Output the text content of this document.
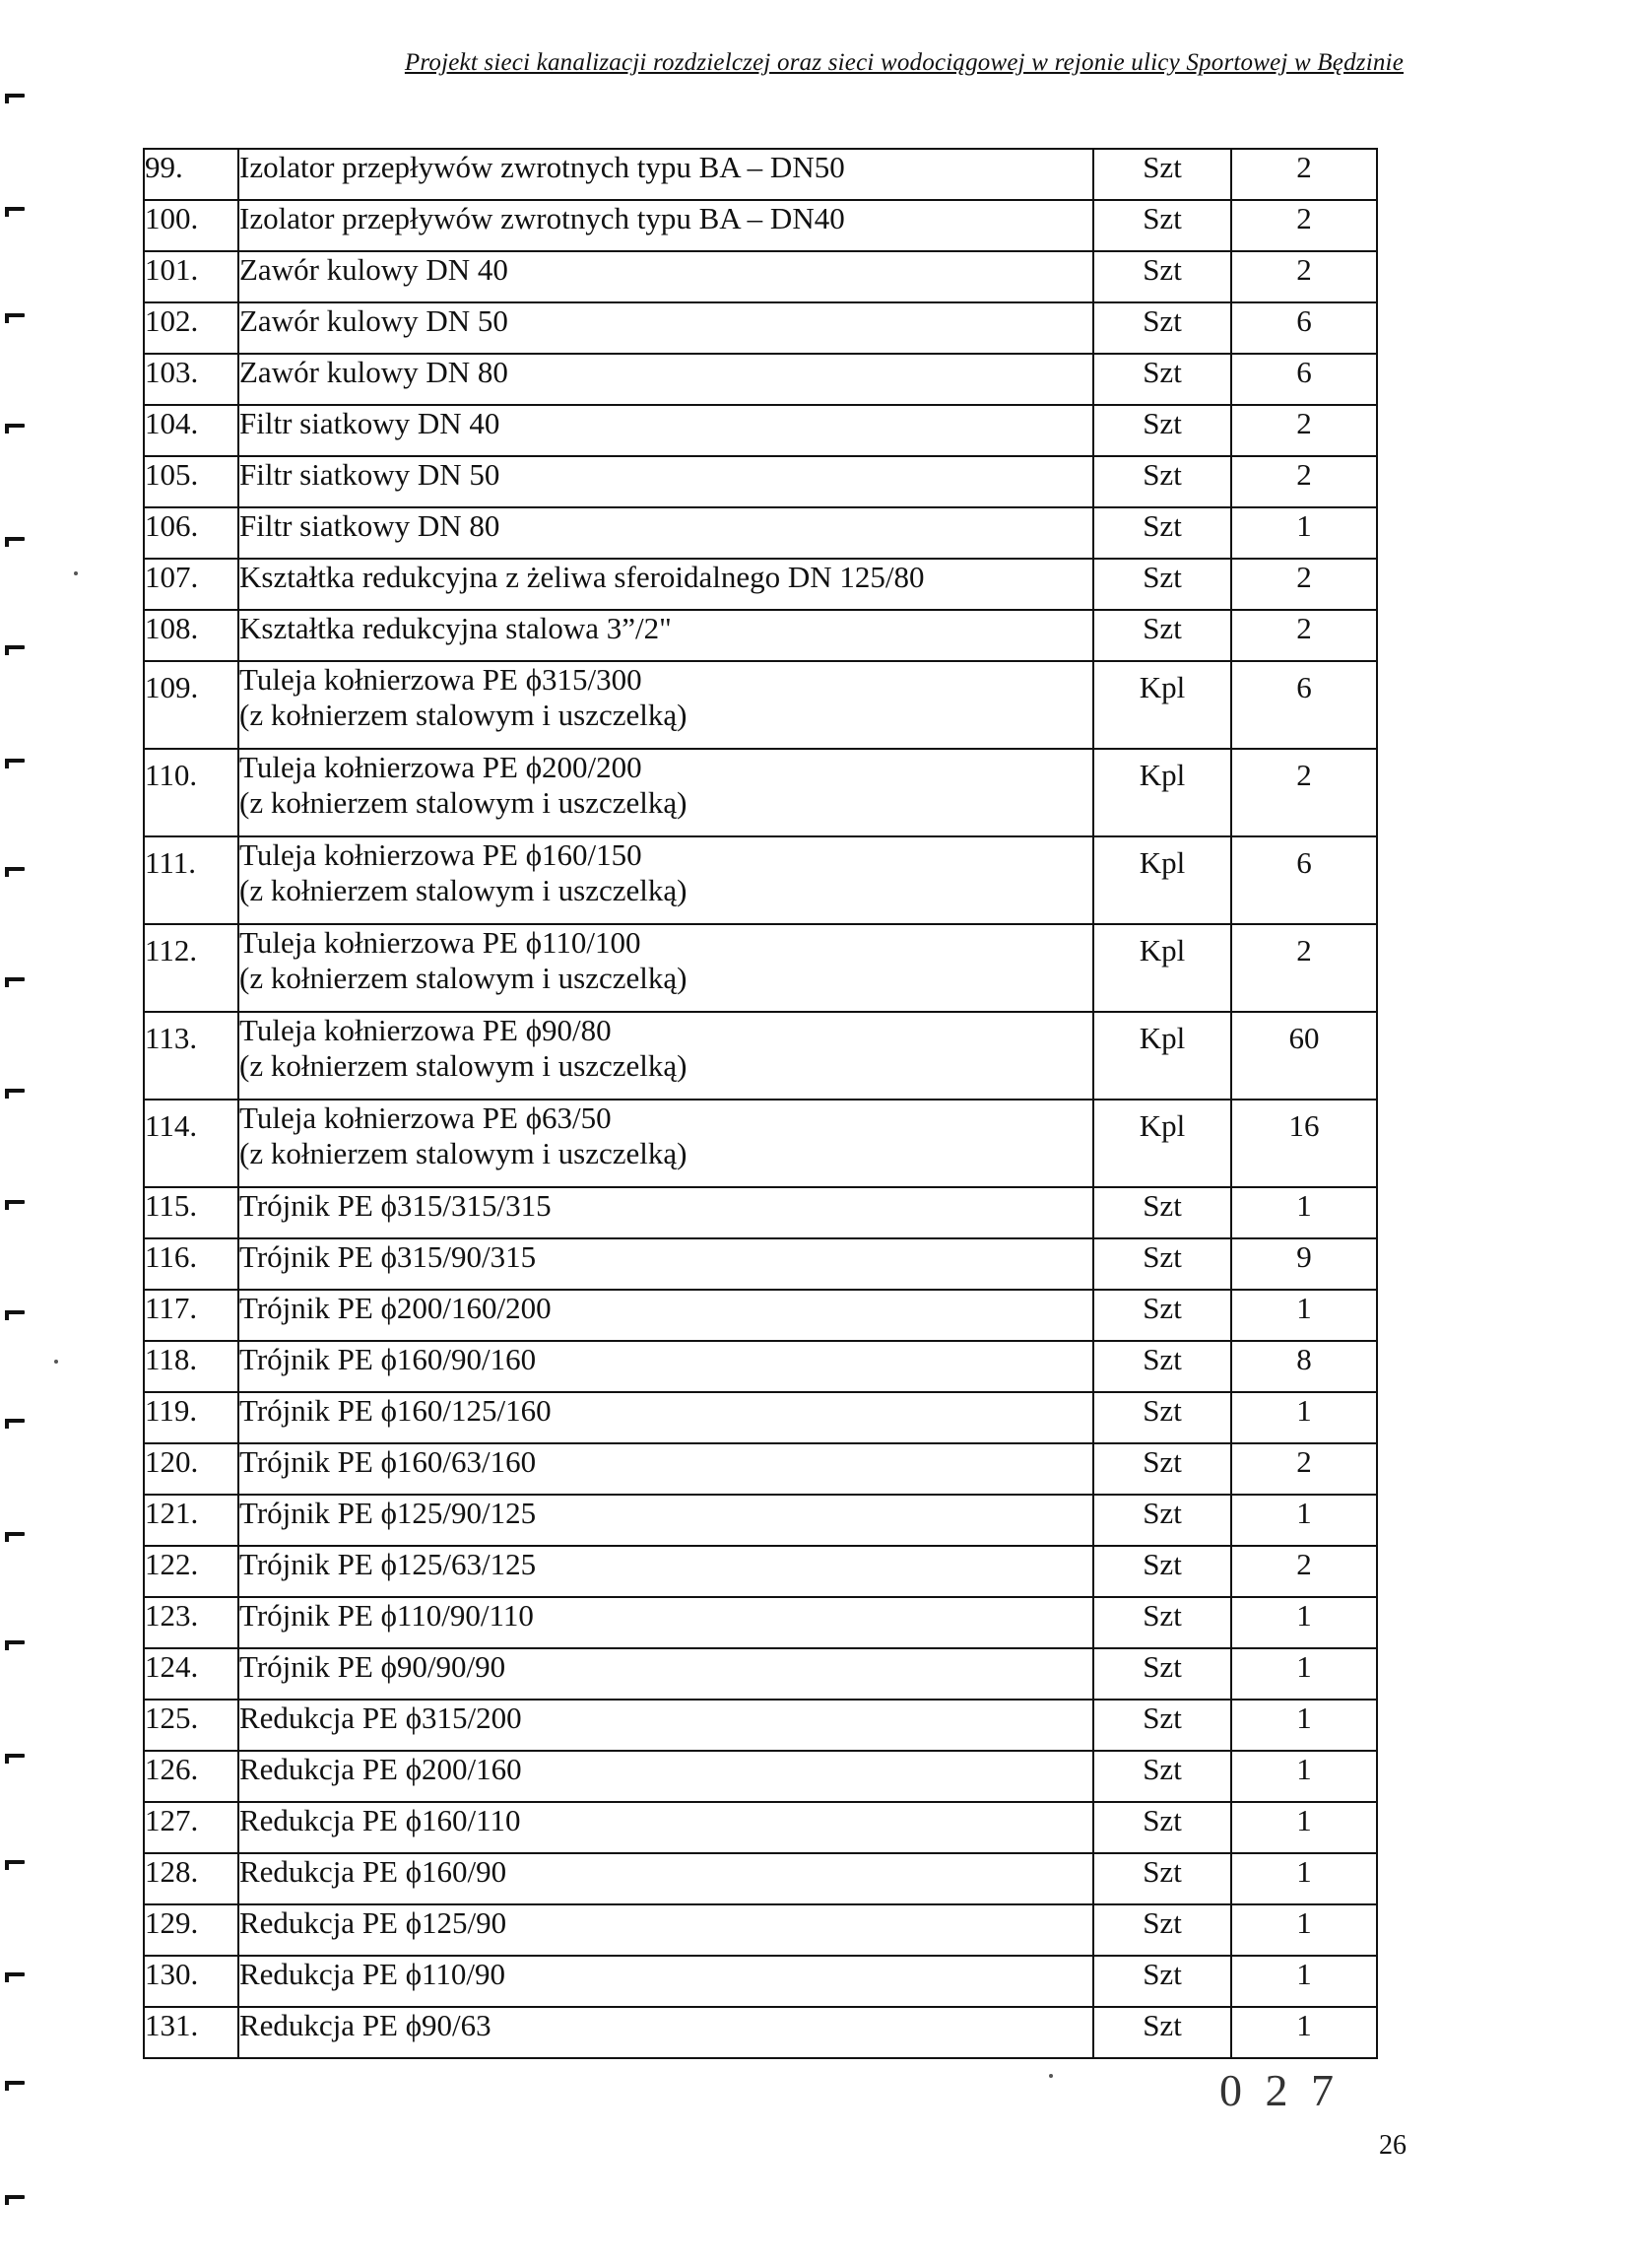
Projekt sieci kanalizacji rozdzielczej oraz sieci wodociągowej w rejonie ulicy Sportowej w Będzinie
99.	Izolator przepływów zwrotnych typu BA – DN50	Szt	2
100.	Izolator przepływów zwrotnych typu BA – DN40	Szt	2
101.	Zawór kulowy DN 40	Szt	2
102.	Zawór kulowy DN 50	Szt	6
103.	Zawór kulowy DN 80	Szt	6
104.	Filtr siatkowy DN 40	Szt	2
105.	Filtr siatkowy DN 50	Szt	2
106.	Filtr siatkowy DN 80	Szt	1
107.	Kształtka redukcyjna z żeliwa sferoidalnego DN 125/80	Szt	2
108.	Kształtka redukcyjna stalowa 3”/2"	Szt	2
109.	Tuleja kołnierzowa PE ϕ315/300
(z kołnierzem stalowym i uszczelką)	Kpl	6
110.	Tuleja kołnierzowa PE ϕ200/200
(z kołnierzem stalowym i uszczelką)	Kpl	2
111.	Tuleja kołnierzowa PE ϕ160/150
(z kołnierzem stalowym i uszczelką)	Kpl	6
112.	Tuleja kołnierzowa PE ϕ110/100
(z kołnierzem stalowym i uszczelką)	Kpl	2
113.	Tuleja kołnierzowa PE ϕ90/80
(z kołnierzem stalowym i uszczelką)	Kpl	60
114.	Tuleja kołnierzowa PE ϕ63/50
(z kołnierzem stalowym i uszczelką)	Kpl	16
115.	Trójnik PE ϕ315/315/315	Szt	1
116.	Trójnik PE ϕ315/90/315	Szt	9
117.	Trójnik PE ϕ200/160/200	Szt	1
118.	Trójnik PE ϕ160/90/160	Szt	8
119.	Trójnik PE ϕ160/125/160	Szt	1
120.	Trójnik PE ϕ160/63/160	Szt	2
121.	Trójnik PE ϕ125/90/125	Szt	1
122.	Trójnik PE ϕ125/63/125	Szt	2
123.	Trójnik PE ϕ110/90/110	Szt	1
124.	Trójnik PE ϕ90/90/90	Szt	1
125.	Redukcja PE ϕ315/200	Szt	1
126.	Redukcja PE ϕ200/160	Szt	1
127.	Redukcja PE ϕ160/110	Szt	1
128.	Redukcja PE ϕ160/90	Szt	1
129.	Redukcja PE ϕ125/90	Szt	1
130.	Redukcja PE ϕ110/90	Szt	1
131.	Redukcja PE ϕ90/63	Szt	1
0 2 7
26
